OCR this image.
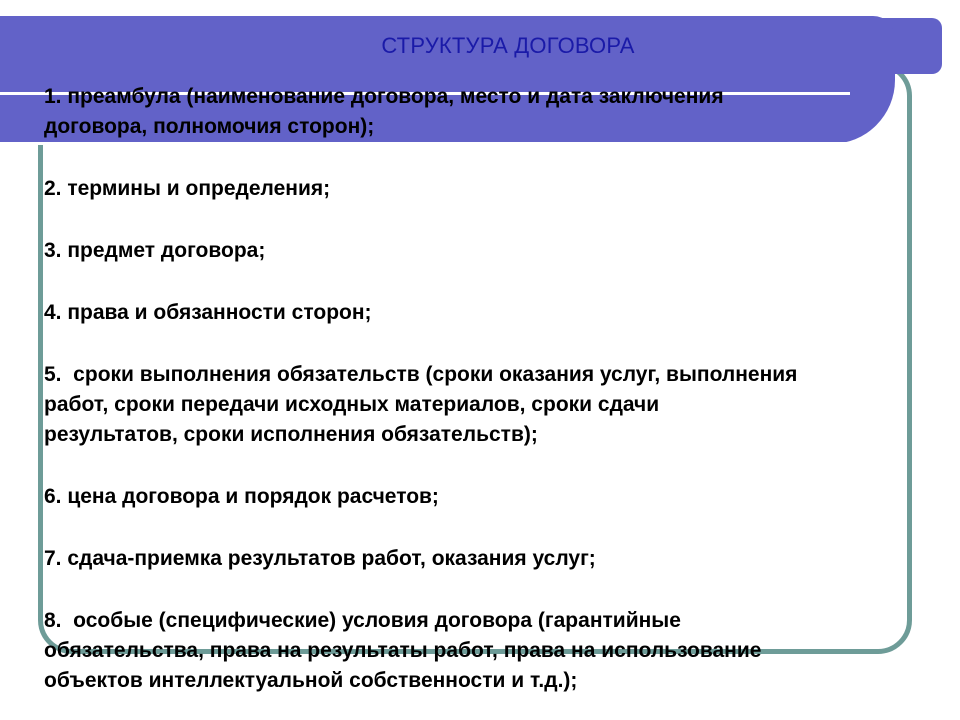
СТРУКТУРА ДОГОВОРА
1. преамбула (наименование договора, место и дата заключения
договора, полномочия сторон);
2. термины и определения;
3. предмет договора;
4. права и обязанности сторон;
5.  сроки выполнения обязательств (сроки оказания услуг, выполнения
работ, сроки передачи исходных материалов, сроки сдачи
результатов, сроки исполнения обязательств);
6. цена договора и порядок расчетов;
7. сдача-приемка результатов работ, оказания услуг;
8.  особые (специфические) условия договора (гарантийные
обязательства, права на результаты работ, права на использование
объектов интеллектуальной собственности и т.д.);
